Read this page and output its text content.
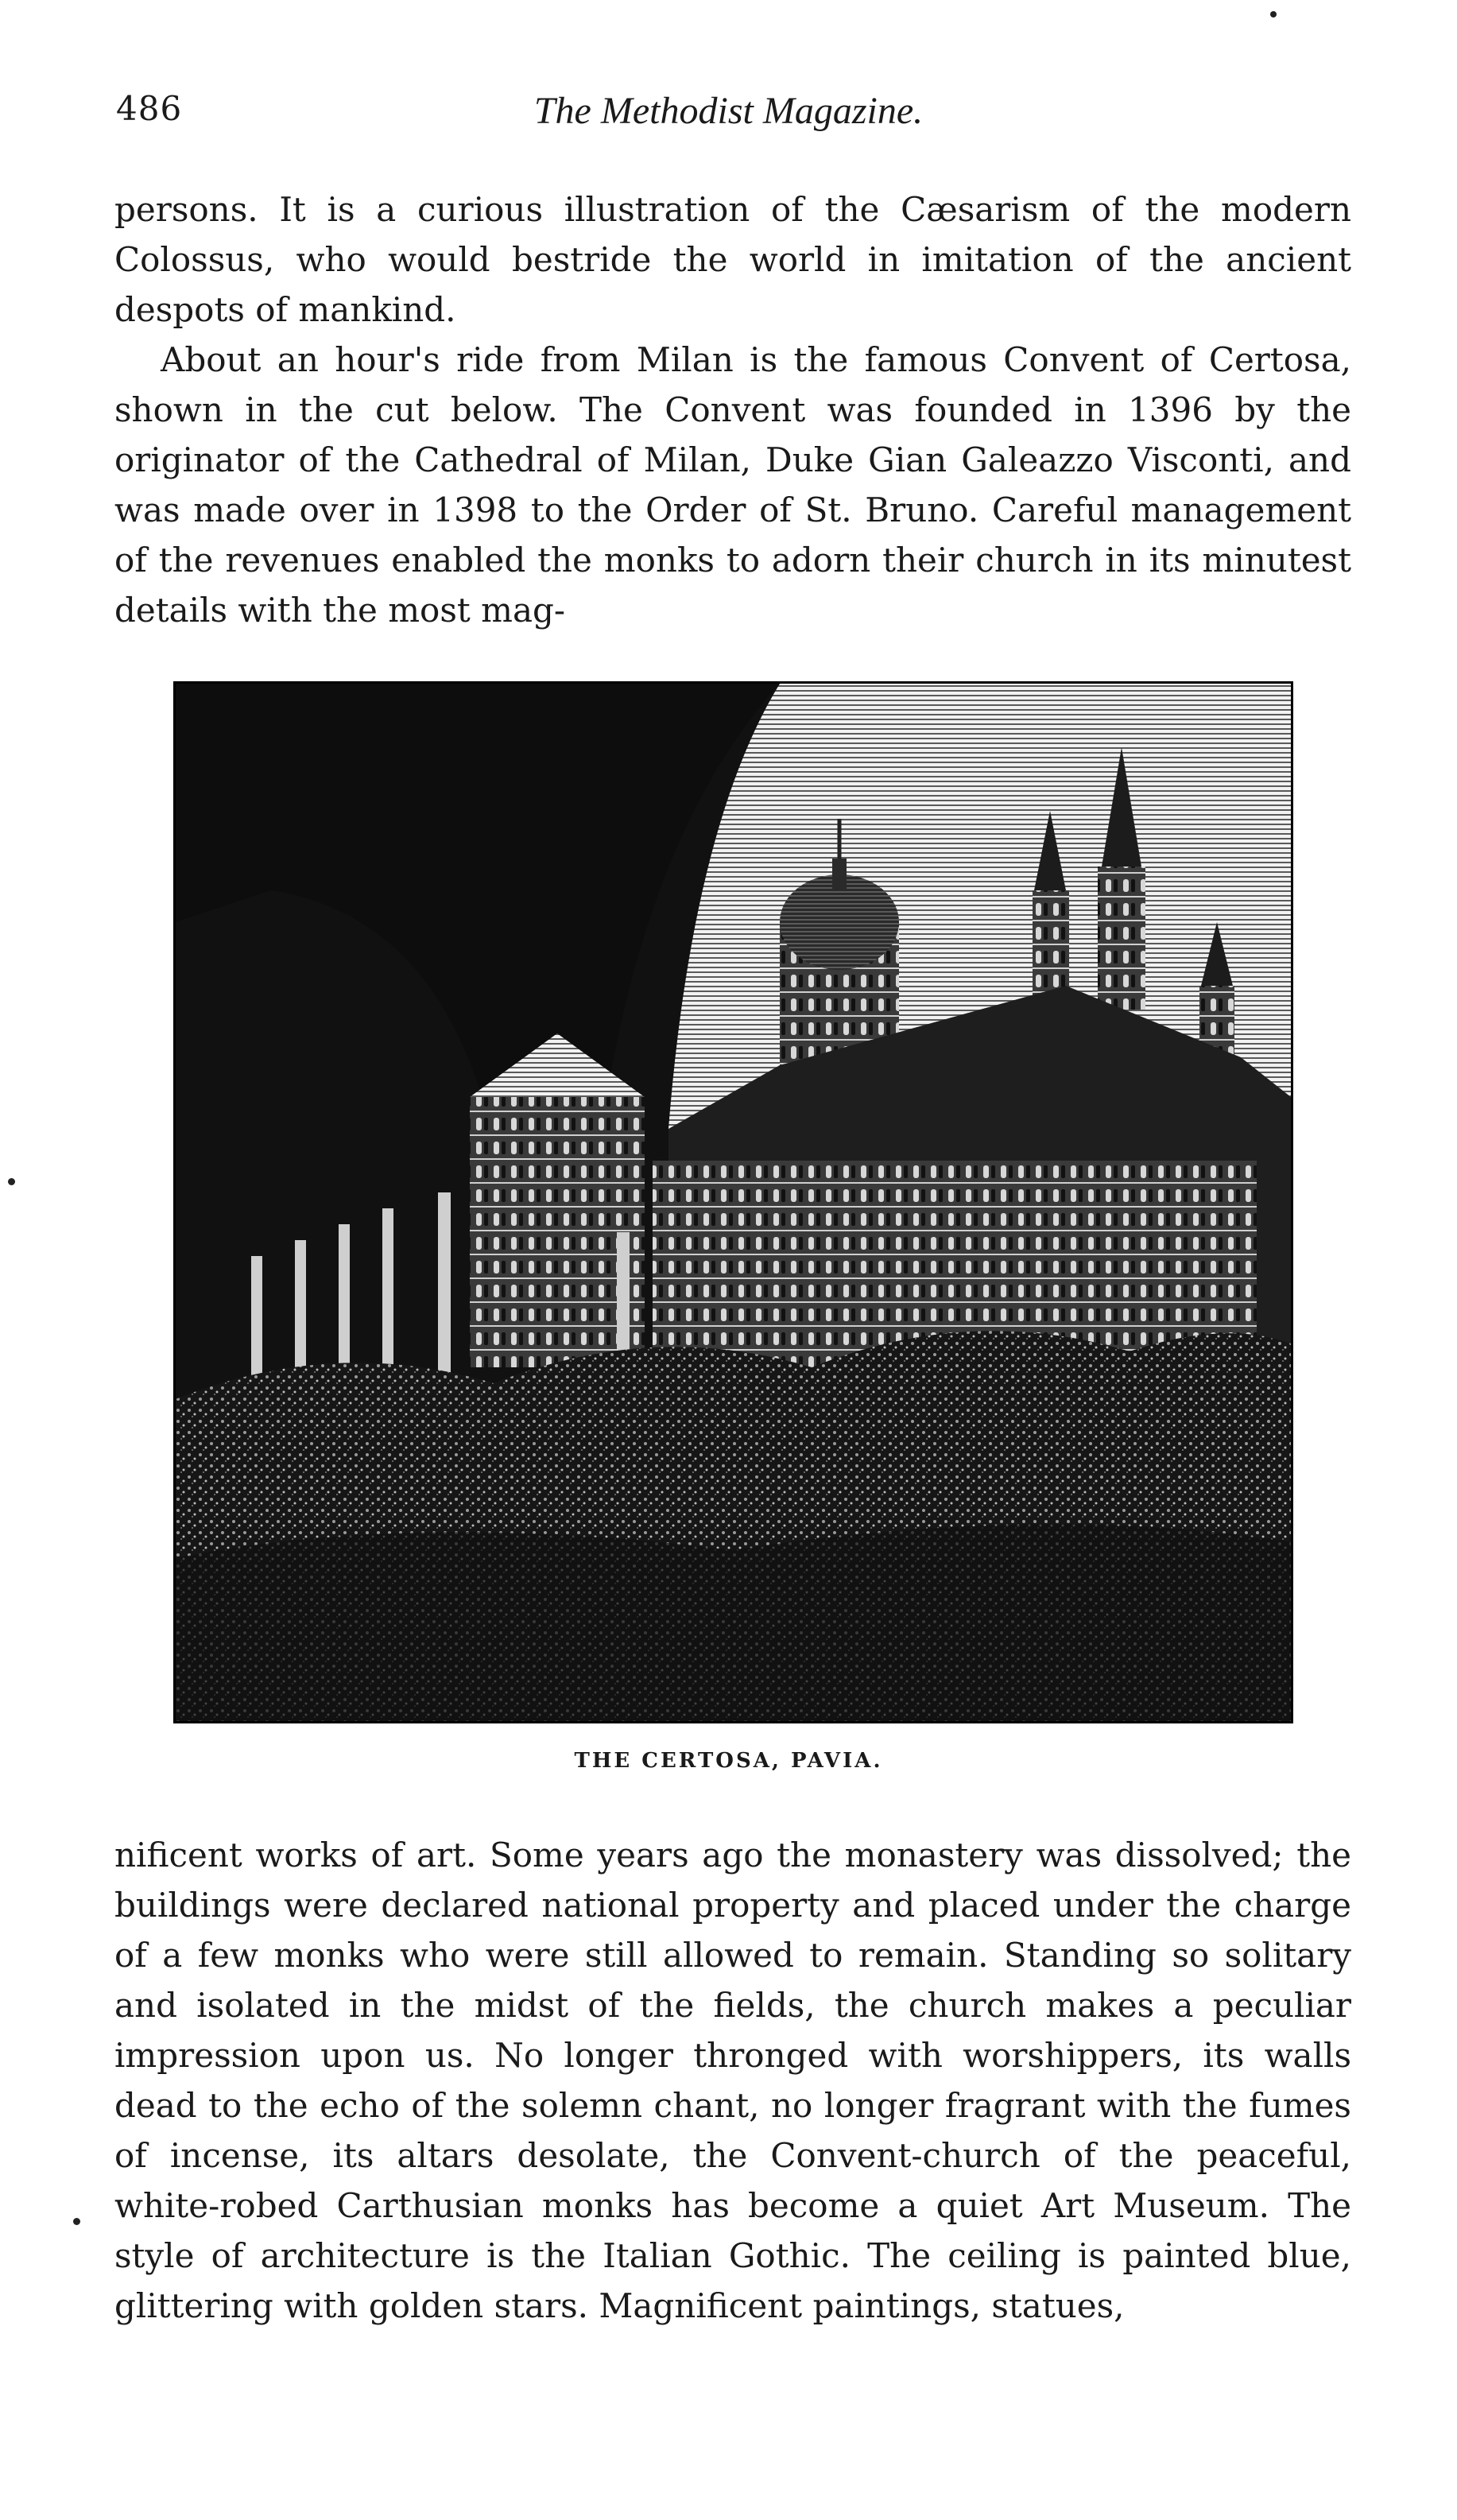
486	The Methodist Magazine.

persons. It is a curious illustration of the Cæsarism of the modern Colossus, who would bestride the world in imitation of the ancient despots of mankind.

About an hour's ride from Milan is the famous Convent of Certosa, shown in the cut below. The Convent was founded in 1396 by the originator of the Cathedral of Milan, Duke Gian Galeazzo Visconti, and was made over in 1398 to the Order of St. Bruno. Careful management of the revenues enabled the monks to adorn their church in its minutest details with the most mag-

THE CERTOSA, PAVIA.

nificent works of art. Some years ago the monastery was dissolved; the buildings were declared national property and placed under the charge of a few monks who were still allowed to remain. Standing so solitary and isolated in the midst of the fields, the church makes a peculiar impression upon us. No longer thronged with worshippers, its walls dead to the echo of the solemn chant, no longer fragrant with the fumes of incense, its altars desolate, the Convent-church of the peaceful, white-robed Carthusian monks has become a quiet Art Museum. The style of architecture is the Italian Gothic. The ceiling is painted blue, glittering with golden stars. Magnificent paintings, statues,
